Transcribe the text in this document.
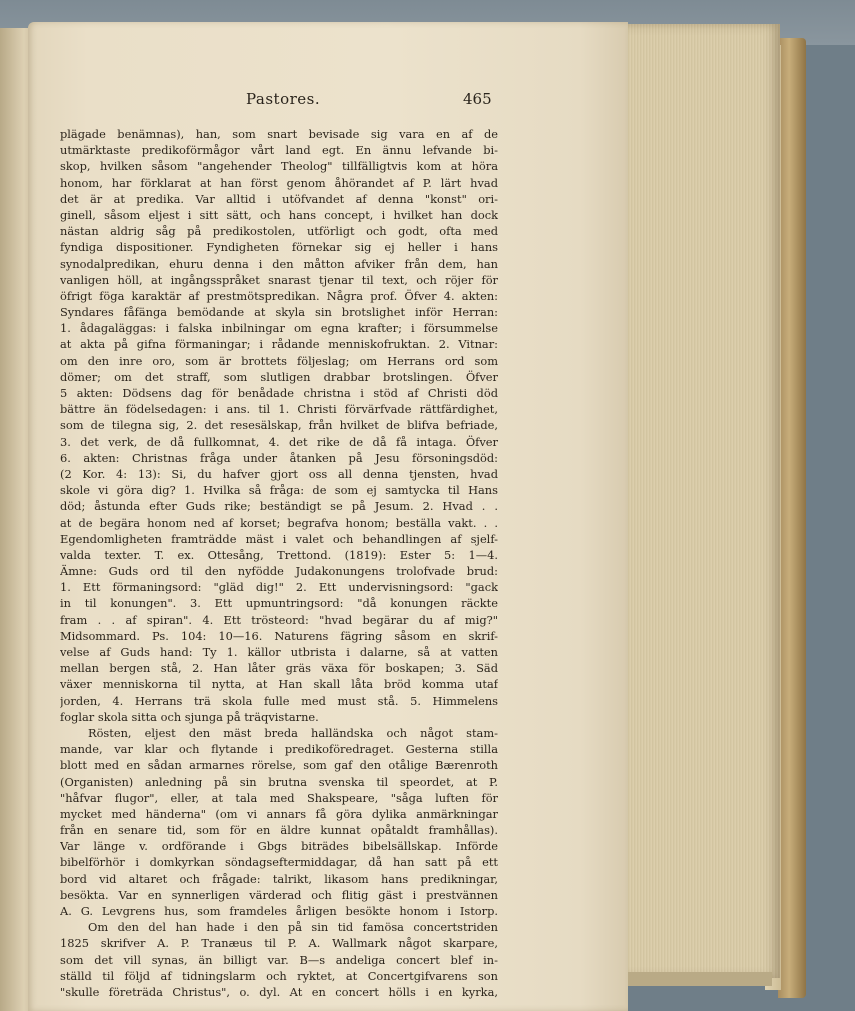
Pastores.	465
plägade benämnas), han, som snart bevisade sig vara en af de
utmärktaste predikoförmågor vårt land egt. En ännu lefvande bi-
skop, hvilken såsom "angehender Theolog" tillfälligtvis kom at höra
honom, har förklarat at han först genom åhörandet af P. lärt hvad
det är at predika. Var alltid i utöfvandet af denna "konst" ori-
ginell, såsom eljest i sitt sätt, och hans concept, i hvilket han dock
nästan aldrig såg på predikostolen, utförligt och godt, ofta med
fyndiga dispositioner. Fyndigheten förnekar sig ej heller i hans
synodalpredikan, ehuru denna i den måtton afviker från dem, han
vanligen höll, at ingångsspråket snarast tjenar til text, och röjer för
öfrigt föga karaktär af prestmötspredikan. Några prof. Öfver 4. akten:
Syndares fåfänga bemödande at skyla sin brotslighet inför Herran:
1. ådagaläggas: i falska inbilningar om egna krafter; i försummelse
at akta på gifna förmaningar; i rådande menniskofruktan. 2. Vitnar:
om den inre oro, som är brottets följeslag; om Herrans ord som
dömer; om det straff, som slutligen drabbar brotslingen. Öfver
5 akten: Dödsens dag för benådade christna i stöd af Christi död
bättre än födelsedagen: i ans. til 1. Christi förvärfvade rättfärdighet,
som de tilegna sig, 2. det resesälskap, från hvilket de blifva befriade,
3. det verk, de då fullkomnat, 4. det rike de då få intaga. Öfver
6. akten: Christnas fråga under åtanken på Jesu försoningsdöd:
(2 Kor. 4: 13): Si, du hafver gjort oss all denna tjensten, hvad
skole vi göra dig? 1. Hvilka så fråga: de som ej samtycka til Hans
död; åstunda efter Guds rike; beständigt se på Jesum. 2. Hvad . .
at de begära honom ned af korset; begrafva honom; beställa vakt. . .
Egendomligheten framträdde mäst i valet och behandlingen af sjelf-
valda texter. T. ex. Ottesång, Trettond. (1819): Ester 5: 1—4.
Ämne: Guds ord til den nyfödde Judakonungens trolofvade brud:
1. Ett förmaningsord: "gläd dig!" 2. Ett undervisningsord: "gack
in til konungen". 3. Ett upmuntringsord: "då konungen räckte
fram . . af spiran". 4. Ett tröstеord: "hvad begärar du af mig?"
Midsommard. Ps. 104: 10—16. Naturens fägring såsom en skrif-
velse af Guds hand: Ty 1. källor utbrista i dalarne, så at vatten
mellan bergen stå, 2. Han låter gräs växa för boskapen; 3. Säd
växer menniskorna til nytta, at Han skall låta bröd komma utaf
jorden, 4. Herrans trä skola fulle med must stå. 5. Himmelens
foglar skola sitta och sjunga på träqvistarne.
Rösten, eljest den mäst breda halländska och något stam-
mande, var klar och flytande i predikoföredraget. Gesterna stilla
blott med en sådan armarnes rörelse, som gaf den otålige Bærenroth
(Organisten) anledning på sin brutna svenska til speordet, at P.
"håfvar flugor", eller, at tala med Shakspeare, "såga luften för
mycket med händerna" (om vi annars få göra dylika anmärkningar
från en senare tid, som för en äldre kunnat opåtaldt framhållas).
Var länge v. ordförande i Gbgs biträdes bibelsällskap. Införde
bibelförhör i domkyrkan söndagseftermiddagar, då han satt på ett
bord vid altaret och frågade: talrikt, likasom hans predikningar,
besökta. Var en synnerligen värderad och flitig gäst i prestvännen
A. G. Levgrens hus, som framdeles årligen besökte honom i Istorp.
Om den del han hade i den på sin tid famösa concertstriden
1825 skrifver A. P. Tranæus til P. A. Wallmark något skarpare,
som det vill synas, än billigt var. B—s andeliga concert blef in-
ställd til följd af tidningslarm och ryktet, at Concertgifvarens son
"skulle företräda Christus", o. dyl. At en concert hölls i en kyrka,
